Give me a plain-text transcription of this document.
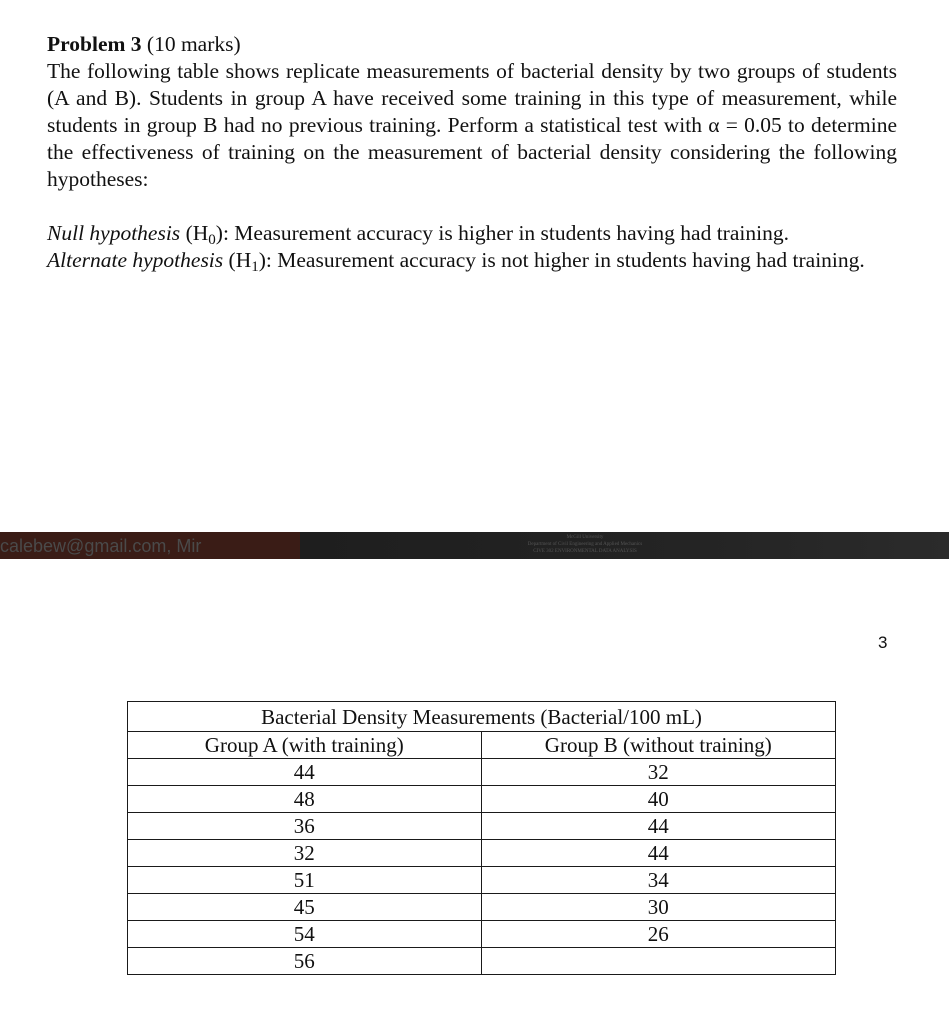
Problem 3 (10 marks)

The following table shows replicate measurements of bacterial density by two groups of students (A and B). Students in group A have received some training in this type of measurement, while students in group B had no previous training. Perform a statistical test with α = 0.05 to determine the effectiveness of training on the measurement of bacterial density considering the following hypotheses:

Null hypothesis $(H_0)$: Measurement accuracy is higher in students having had training.

Alternate hypothesis $(H_1)$: Measurement accuracy is not higher in students having had training.

calebew@gmail.com, Mir	McGill University
Department of Civil Engineering and Applied Mechanics
CIVE 302 ENVIRONMENTAL DATA ANALYSIS
3
Bacterial Density Measurements (Bacterial/100 mL)	
Group A (with training)	Group B (without training)
44	32
48	40
36	44
32	44
51	34
45	30
54	26
56	
